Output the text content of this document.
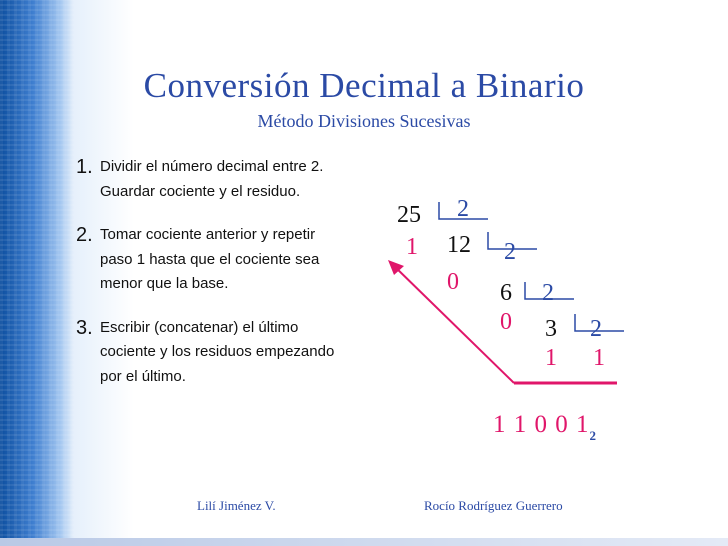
Conversión Decimal a Binario
Método Divisiones Sucesivas
1. Dividir el número decimal entre 2. Guardar cociente y el residuo.
2. Tomar cociente anterior y repetir paso 1 hasta que el cociente sea menor que la base.
3. Escribir (concatenar) el último cociente y los residuos empezando por el último.
25 2
1 12 2
0 6 2
0 3 2
1 1
1 1 0 0 $1_2$
Lilí Jiménez V.	Rocío Rodríguez Guerrero
